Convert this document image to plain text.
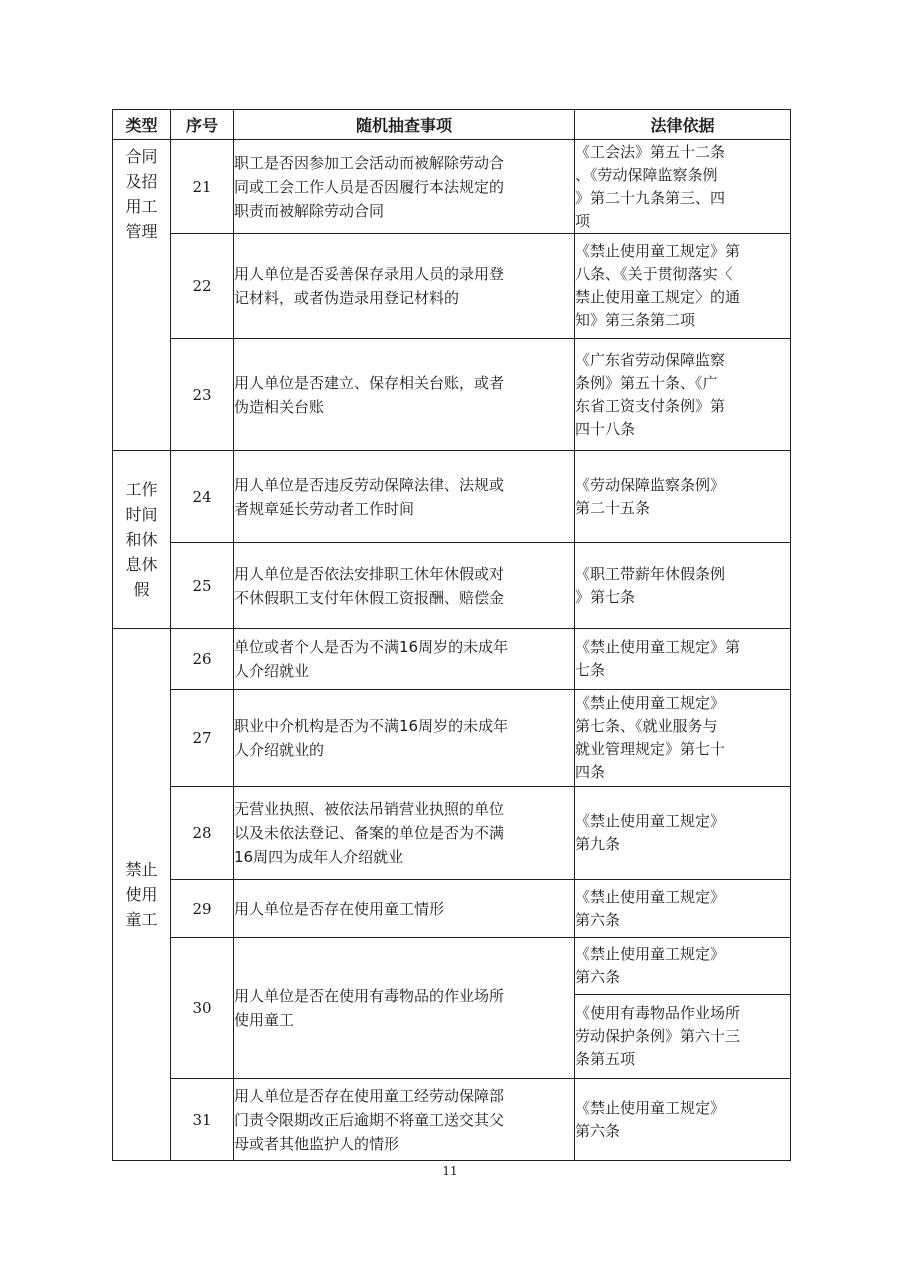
类型	序号	随机抽查事项	法律依据

合同
及招
用工
管理	21	职工是否因参加工会活动而被解除劳动合
同或工会工作人员是否因履行本法规定的
职责而被解除劳动合同	《工会法》第五十二条
、《劳动保障监察条例
》第二十九条第三、四
项

	22	用人单位是否妥善保存录用人员的录用登
记材料，或者伪造录用登记材料的	《禁止使用童工规定》第
八条、《关于贯彻落实〈
禁止使用童工规定〉的通
知》第三条第二项

	23	用人单位是否建立、保存相关台账，或者
伪造相关台账	《广东省劳动保障监察
条例》第五十条、《广
东省工资支付条例》第
四十八条

工作
时间
和休
息休
假	24	用人单位是否违反劳动保障法律、法规或
者规章延长劳动者工作时间	《劳动保障监察条例》
第二十五条

	25	用人单位是否依法安排职工休年休假或对
不休假职工支付年休假工资报酬、赔偿金	《职工带薪年休假条例
》第七条

禁止
使用
童工	26	单位或者个人是否为不满16周岁的未成年
人介绍就业	《禁止使用童工规定》第
七条

	27	职业中介机构是否为不满16周岁的未成年
人介绍就业的	《禁止使用童工规定》
第七条、《就业服务与
就业管理规定》第七十
四条

	28	无营业执照、被依法吊销营业执照的单位
以及未依法登记、备案的单位是否为不满
16周四为成年人介绍就业	《禁止使用童工规定》
第九条

	29	用人单位是否存在使用童工情形	《禁止使用童工规定》
第六条

	30	用人单位是否在使用有毒物品的作业场所
使用童工	《禁止使用童工规定》
第六条

			《使用有毒物品作业场所
劳动保护条例》第六十三
条第五项

	31	用人单位是否存在使用童工经劳动保障部
门责令限期改正后逾期不将童工送交其父
母或者其他监护人的情形	《禁止使用童工规定》
第六条
11
